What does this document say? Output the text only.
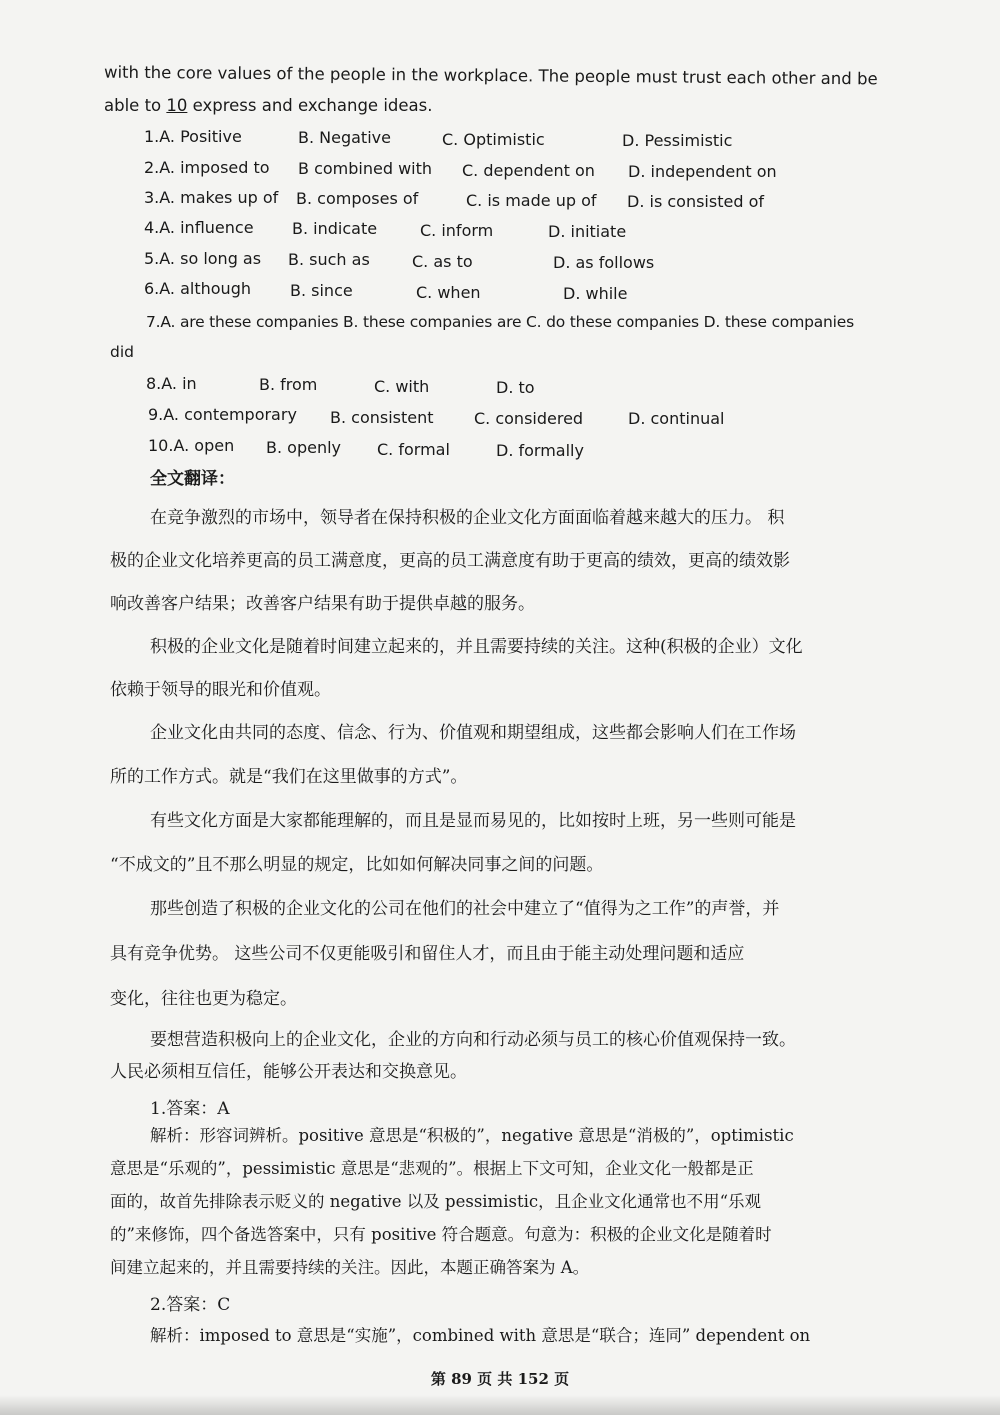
with the core values of the people in the workplace. The people must trust each other and be
able to 10 express and exchange ideas.
1.A. Positive	B. Negative	C. Optimistic	D. Pessimistic
2.A. imposed to B combined with C. dependent on D. independent on
3.A. makes up of B. composes of	C. is made up of D. is consisted of
4.A. influence B. indicate	C. inform	D. initiate
5.A. so long as B. such as	C. as to	D. as follows
6.A. although B. since	C. when	D. while
7.A. are these companies B. these companies are C. do these companies D. these companies
did
8.A. in	B. from	C. with	D. to
9.A. contemporary B. consistent	C. considered	D. continual
10.A. open B. openly C. formal	D. formally
全文翻译：
在竞争激烈的市场中，领导者在保持积极的企业文化方面面临着越来越大的压力。 积
极的企业文化培养更高的员工满意度，更高的员工满意度有助于更高的绩效，更高的绩效影
响改善客户结果；改善客户结果有助于提供卓越的服务。
积极的企业文化是随着时间建立起来的，并且需要持续的关注。这种(积极的企业）文化
依赖于领导的眼光和价值观。
企业文化由共同的态度、信念、行为、价值观和期望组成，这些都会影响人们在工作场
所的工作方式。就是“我们在这里做事的方式”。
有些文化方面是大家都能理解的，而且是显而易见的，比如按时上班，另一些则可能是
“不成文的”且不那么明显的规定，比如如何解决同事之间的问题。
那些创造了积极的企业文化的公司在他们的社会中建立了“值得为之工作”的声誉，并
具有竞争优势。 这些公司不仅更能吸引和留住人才，而且由于能主动处理问题和适应
变化，往往也更为稳定。
要想营造积极向上的企业文化，企业的方向和行动必须与员工的核心价值观保持一致。
人民必须相互信任，能够公开表达和交换意见。
1.答案：A
解析：形容词辨析。positive 意思是“积极的”，negative 意思是“消极的”，optimistic
意思是“乐观的”，pessimistic 意思是“悲观的”。根据上下文可知，企业文化一般都是正
面的，故首先排除表示贬义的 negative 以及 pessimistic，且企业文化通常也不用“乐观
的”来修饰，四个备选答案中，只有 positive 符合题意。句意为：积极的企业文化是随着时
间建立起来的，并且需要持续的关注。因此，本题正确答案为 A。
2.答案：C
解析：imposed to 意思是“实施”，combined with 意思是“联合；连同” dependent on
第 89 页 共 152 页
